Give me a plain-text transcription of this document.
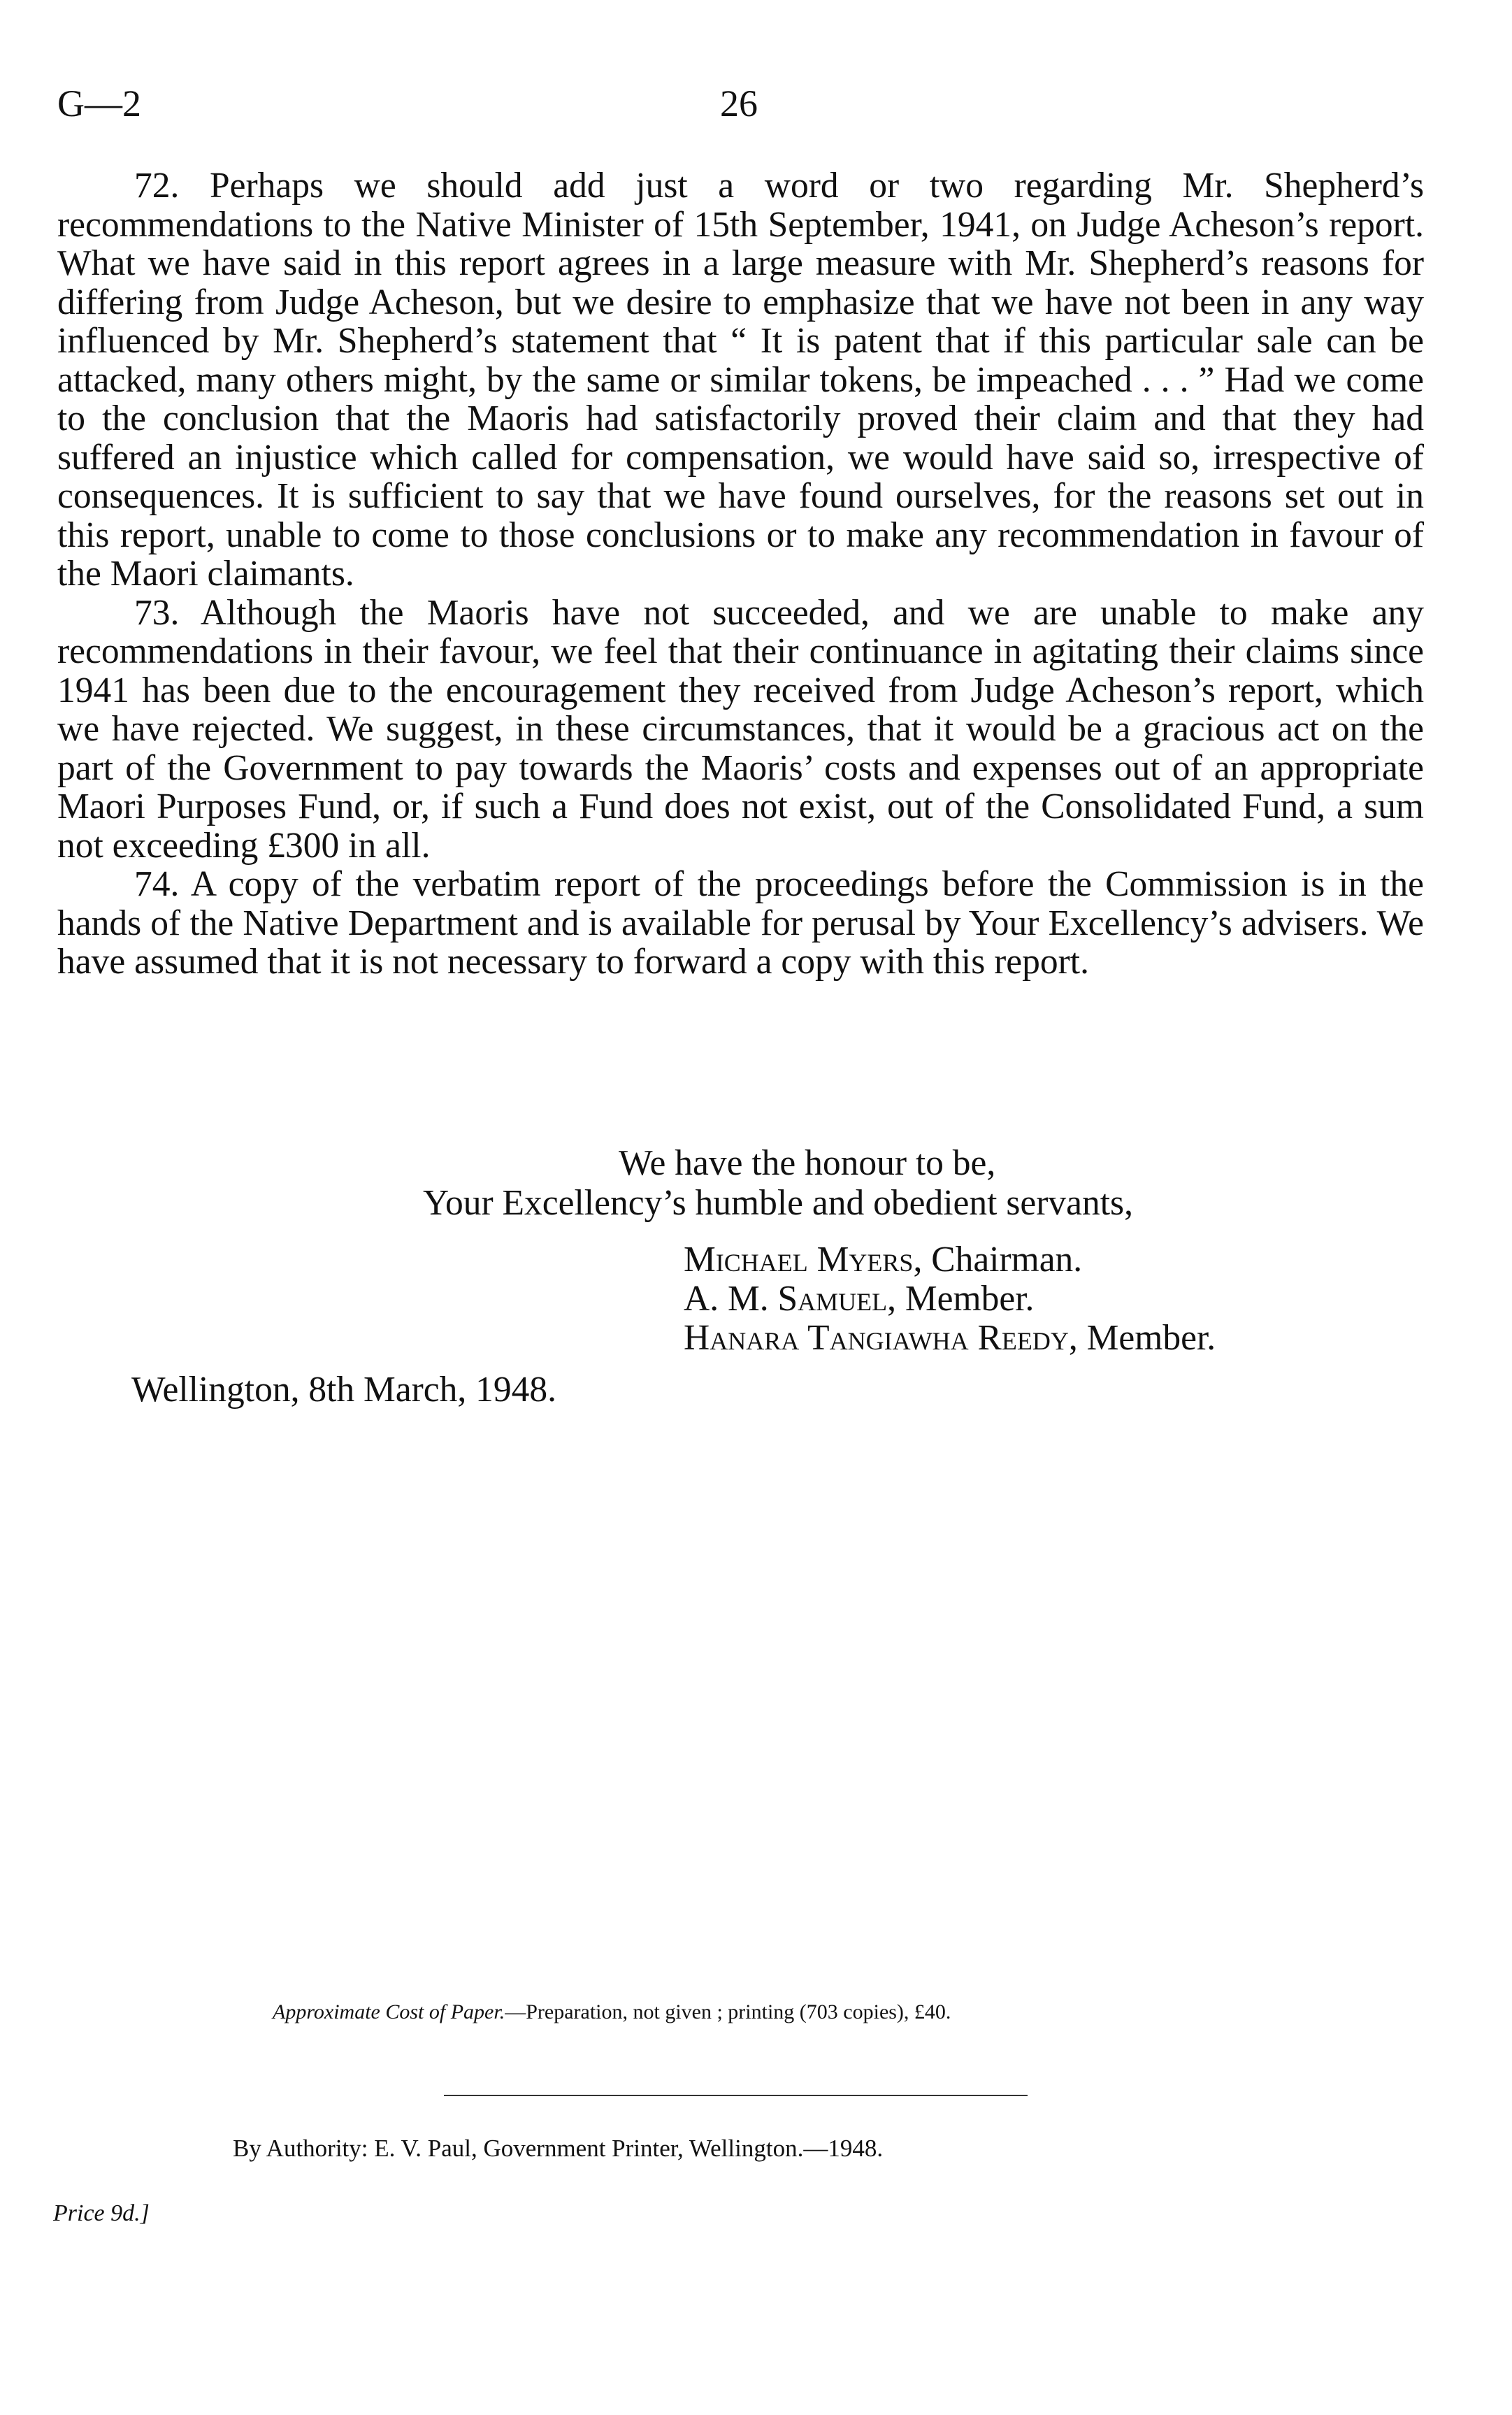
G—2	26

72. Perhaps we should add just a word or two regarding Mr. Shepherd’s recommendations to the Native Minister of 15th September, 1941, on Judge Acheson’s report. What we have said in this report agrees in a large measure with Mr. Shepherd’s reasons for differing from Judge Acheson, but we desire to emphasize that we have not been in any way influenced by Mr. Shepherd’s statement that “ It is patent that if this particular sale can be attacked, many others might, by the same or similar tokens, be impeached . . . ” Had we come to the conclusion that the Maoris had satisfactorily proved their claim and that they had suffered an injustice which called for compensation, we would have said so, irrespective of consequences. It is sufficient to say that we have found ourselves, for the reasons set out in this report, unable to come to those conclusions or to make any recommendation in favour of the Maori claimants.

73. Although the Maoris have not succeeded, and we are unable to make any recommendations in their favour, we feel that their continuance in agitating their claims since 1941 has been due to the encouragement they received from Judge Acheson’s report, which we have rejected. We suggest, in these circumstances, that it would be a gracious act on the part of the Government to pay towards the Maoris’ costs and expenses out of an appropriate Maori Purposes Fund, or, if such a Fund does not exist, out of the Consolidated Fund, a sum not exceeding £300 in all.

74. A copy of the verbatim report of the proceedings before the Commission is in the hands of the Native Department and is available for perusal by Your Excellency’s advisers. We have assumed that it is not necessary to forward a copy with this report.

We have the honour to be,
Your Excellency’s humble and obedient servants,
Michael Myers, Chairman.
A. M. Samuel, Member.
Hanara Tangiawha Reedy, Member.
Wellington, 8th March, 1948.
Approximate Cost of Paper.—Preparation, not given ; printing (703 copies), £40.
By Authority: E. V. Paul, Government Printer, Wellington.—1948.
Price 9d.]
